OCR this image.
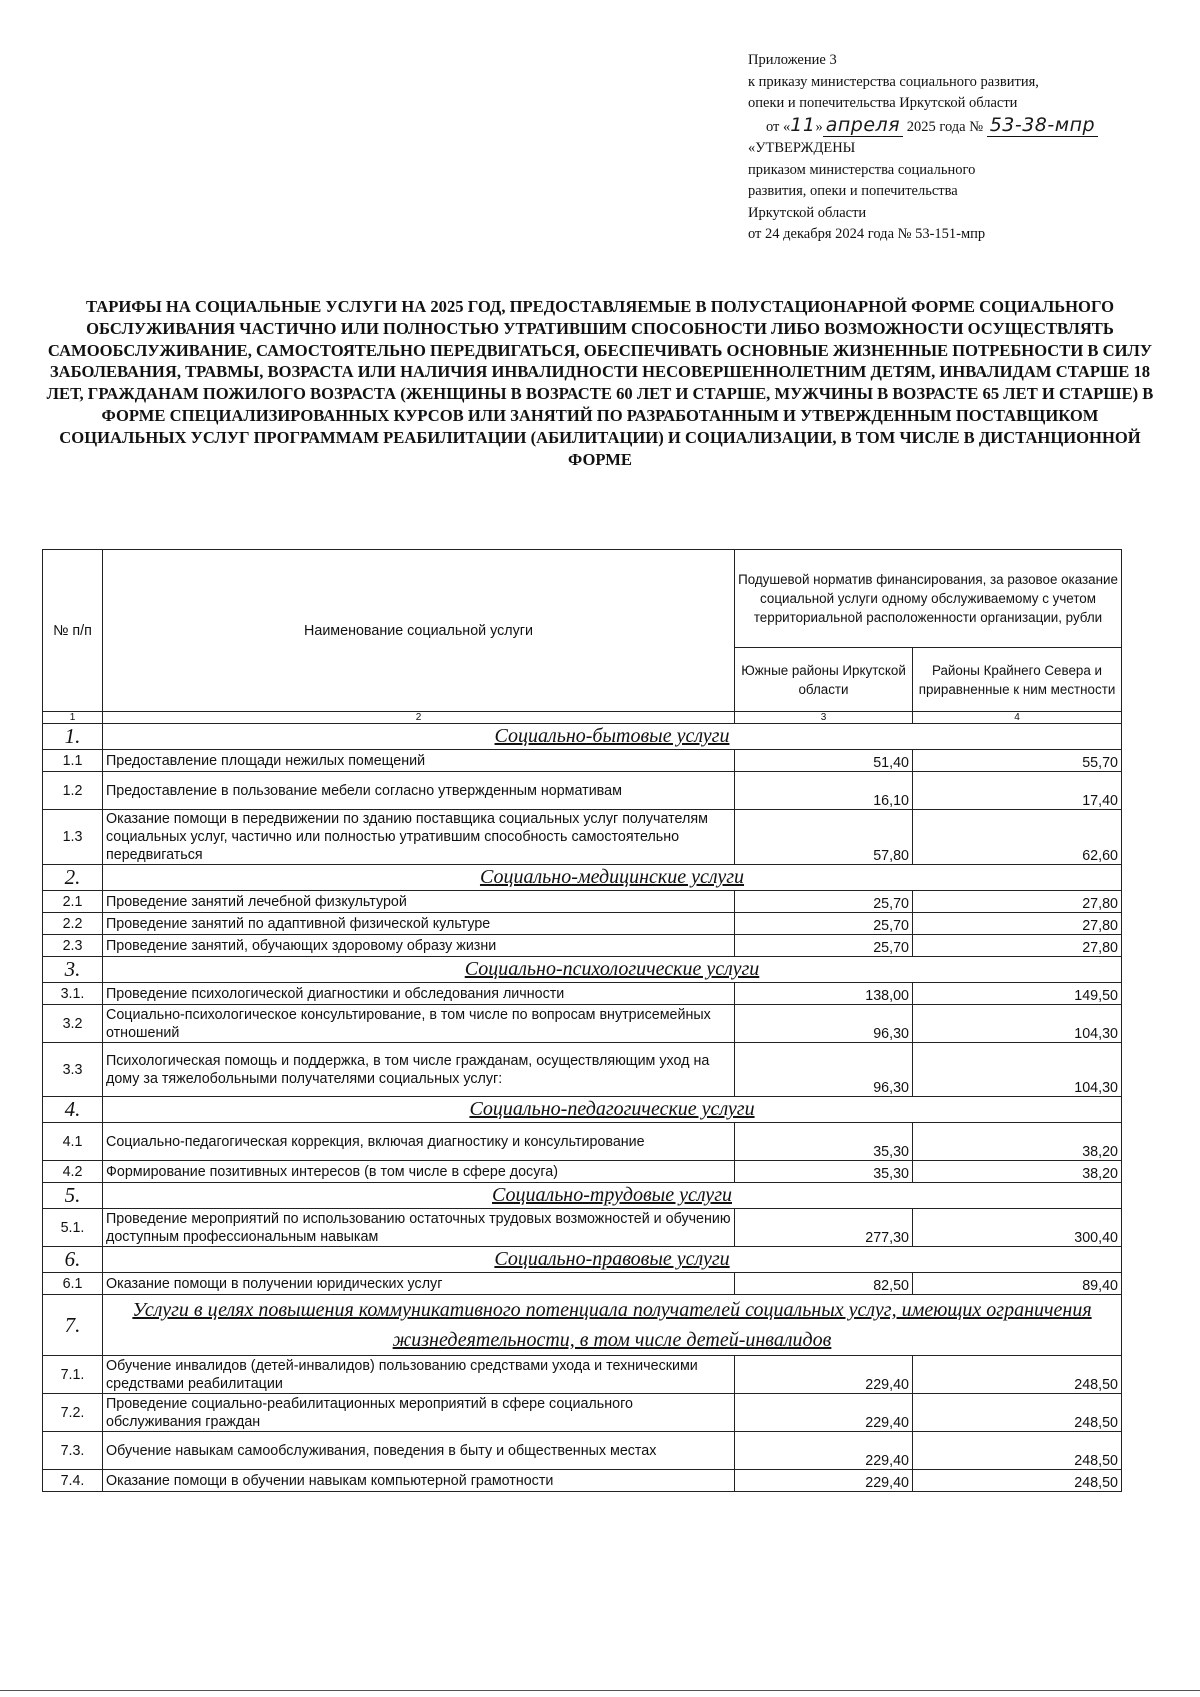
Приложение 3
к приказу министерства социального развития,
опеки и попечительства Иркутской области
от «11» апреля 2025 года № 53-38-мпр
«УТВЕРЖДЕНЫ
приказом министерства социального
развития, опеки и попечительства
Иркутской области
от 24 декабря 2024 года № 53-151-мпр
ТАРИФЫ НА СОЦИАЛЬНЫЕ УСЛУГИ НА 2025 ГОД, ПРЕДОСТАВЛЯЕМЫЕ В ПОЛУСТАЦИОНАРНОЙ ФОРМЕ СОЦИАЛЬНОГО ОБСЛУЖИВАНИЯ ЧАСТИЧНО ИЛИ ПОЛНОСТЬЮ УТРАТИВШИМ СПОСОБНОСТИ ЛИБО ВОЗМОЖНОСТИ ОСУЩЕСТВЛЯТЬ САМООБСЛУЖИВАНИЕ, САМОСТОЯТЕЛЬНО ПЕРЕДВИГАТЬСЯ, ОБЕСПЕЧИВАТЬ ОСНОВНЫЕ ЖИЗНЕННЫЕ ПОТРЕБНОСТИ В СИЛУ ЗАБОЛЕВАНИЯ, ТРАВМЫ, ВОЗРАСТА ИЛИ НАЛИЧИЯ ИНВАЛИДНОСТИ НЕСОВЕРШЕННОЛЕТНИМ ДЕТЯМ, ИНВАЛИДАМ СТАРШЕ 18 ЛЕТ, ГРАЖДАНАМ ПОЖИЛОГО ВОЗРАСТА (ЖЕНЩИНЫ В ВОЗРАСТЕ 60 ЛЕТ И СТАРШЕ, МУЖЧИНЫ В ВОЗРАСТЕ 65 ЛЕТ И СТАРШЕ) В ФОРМЕ СПЕЦИАЛИЗИРОВАННЫХ КУРСОВ ИЛИ ЗАНЯТИЙ ПО РАЗРАБОТАННЫМ И УТВЕРЖДЕННЫМ ПОСТАВЩИКОМ СОЦИАЛЬНЫХ УСЛУГ ПРОГРАММАМ РЕАБИЛИТАЦИИ (АБИЛИТАЦИИ) И СОЦИАЛИЗАЦИИ, В ТОМ ЧИСЛЕ В ДИСТАНЦИОННОЙ ФОРМЕ
№ п/п	Наименование социальной услуги	Подушевой норматив финансирования, за разовое оказание социальной услуги одному обслуживаемому с учетом территориальной расположенности организации, рубли	
		Южные районы Иркутской области	Районы Крайнего Севера и приравненные к ним местности
1	2	3	4
1.	Социально-бытовые услуги		
1.1	Предоставление площади нежилых помещений	51,40	55,70
1.2	Предоставление в пользование мебели согласно утвержденным нормативам	16,10	17,40
1.3	Оказание помощи в передвижении по зданию поставщика социальных услуг получателям социальных услуг, частично или полностью утратившим способность самостоятельно передвигаться	57,80	62,60
2.	Социально-медицинские услуги		
2.1	Проведение занятий лечебной физкультурой	25,70	27,80
2.2	Проведение занятий по адаптивной физической культуре	25,70	27,80
2.3	Проведение занятий, обучающих здоровому образу жизни	25,70	27,80
3.	Социально-психологические услуги		
3.1.	Проведение психологической диагностики и обследования личности	138,00	149,50
3.2	Социально-психологическое консультирование, в том числе по вопросам внутрисемейных отношений	96,30	104,30
3.3	Психологическая помощь и поддержка, в том числе гражданам, осуществляющим уход на дому за тяжелобольными получателями социальных услуг:	96,30	104,30
4.	Социально-педагогические услуги		
4.1	Социально-педагогическая коррекция, включая диагностику и консультирование	35,30	38,20
4.2	Формирование позитивных интересов (в том числе в сфере досуга)	35,30	38,20
5.	Социально-трудовые услуги		
5.1.	Проведение мероприятий по использованию остаточных трудовых возможностей и обучению доступным профессиональным навыкам	277,30	300,40
6.	Социально-правовые услуги		
6.1	Оказание помощи в получении юридических услуг	82,50	89,40
7.	Услуги в целях повышения коммуникативного потенциала получателей социальных услуг, имеющих ограничения жизнедеятельности, в том числе детей-инвалидов		
7.1.	Обучение инвалидов (детей-инвалидов) пользованию средствами ухода и техническими средствами реабилитации	229,40	248,50
7.2.	Проведение социально-реабилитационных мероприятий в сфере социального обслуживания граждан	229,40	248,50
7.3.	Обучение навыкам самообслуживания, поведения в быту и общественных местах	229,40	248,50
7.4.	Оказание помощи в обучении навыкам компьютерной грамотности	229,40	248,50
